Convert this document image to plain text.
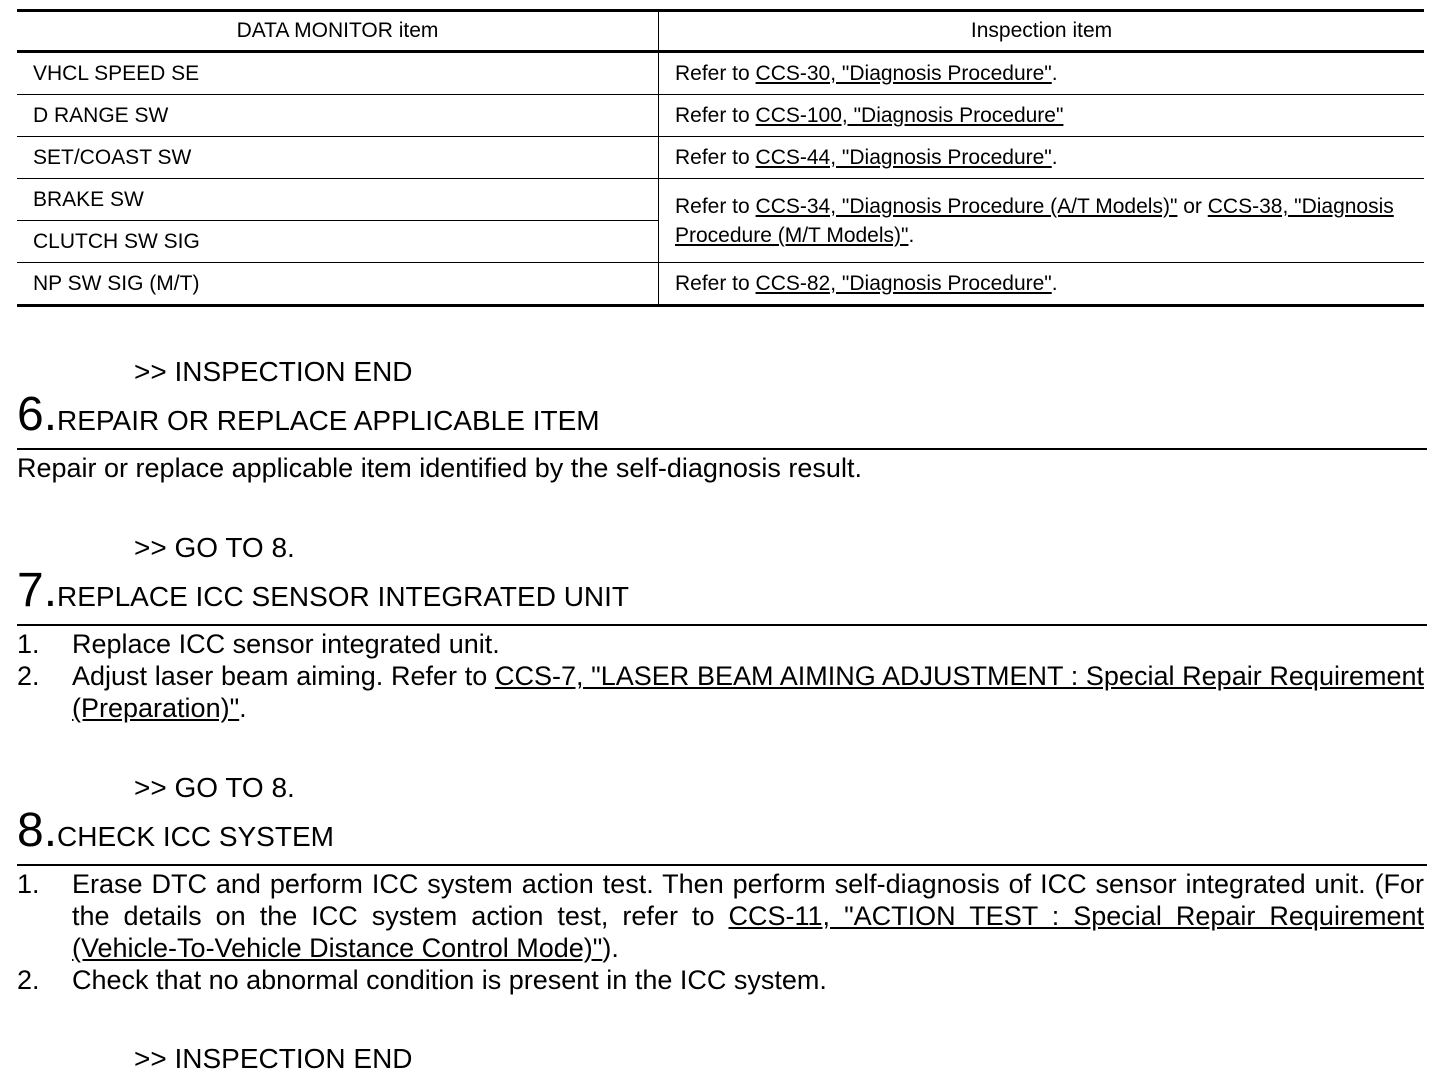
DATA MONITOR item	Inspection item
VHCL SPEED SE	Refer to CCS-30, "Diagnosis Procedure".
D RANGE SW	Refer to CCS-100, "Diagnosis Procedure"
SET/COAST SW	Refer to CCS-44, "Diagnosis Procedure".
BRAKE SW	Refer to CCS-34, "Diagnosis Procedure (A/T Models)" or CCS-38, "Diagnosis Procedure (M/T Models)".
CLUTCH SW SIG	
NP SW SIG (M/T)	Refer to CCS-82, "Diagnosis Procedure".
>> INSPECTION END
6.REPAIR OR REPLACE APPLICABLE ITEM
Repair or replace applicable item identified by the self-diagnosis result.
>> GO TO 8.
7.REPLACE ICC SENSOR INTEGRATED UNIT
1. Replace ICC sensor integrated unit.
2. Adjust laser beam aiming. Refer to CCS-7, "LASER BEAM AIMING ADJUSTMENT : Special Repair Requirement (Preparation)".
>> GO TO 8.
8.CHECK ICC SYSTEM
1. Erase DTC and perform ICC system action test. Then perform self-diagnosis of ICC sensor integrated unit. (For the details on the ICC system action test, refer to CCS-11, "ACTION TEST : Special Repair Requirement (Vehicle-To-Vehicle Distance Control Mode)").
2. Check that no abnormal condition is present in the ICC system.
>> INSPECTION END
